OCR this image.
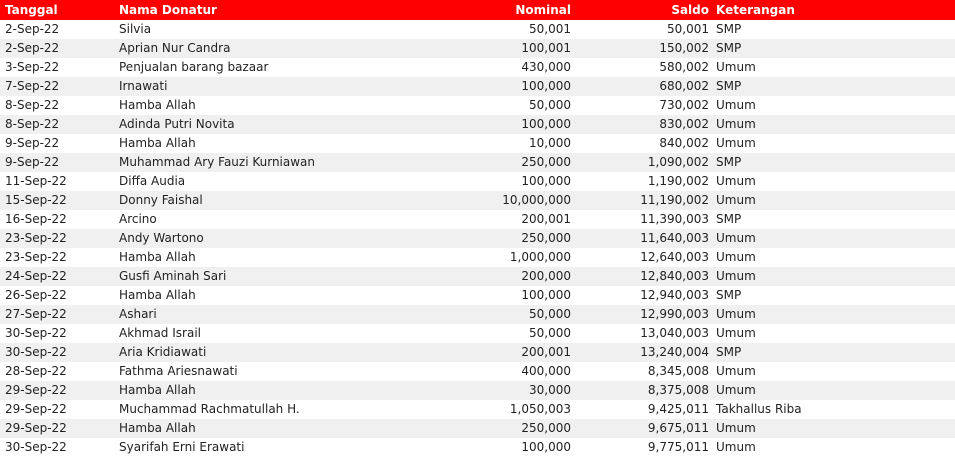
Tanggal	Nama Donatur	Nominal	Saldo	Keterangan
2-Sep-22	Silvia	50,001	50,001	SMP
2-Sep-22	Aprian Nur Candra	100,001	150,002	SMP
3-Sep-22	Penjualan barang bazaar	430,000	580,002	Umum
7-Sep-22	Irnawati	100,000	680,002	SMP
8-Sep-22	Hamba Allah	50,000	730,002	Umum
8-Sep-22	Adinda Putri Novita	100,000	830,002	Umum
9-Sep-22	Hamba Allah	10,000	840,002	Umum
9-Sep-22	Muhammad Ary Fauzi Kurniawan	250,000	1,090,002	SMP
11-Sep-22	Diffa Audia	100,000	1,190,002	Umum
15-Sep-22	Donny Faishal	10,000,000	11,190,002	Umum
16-Sep-22	Arcino	200,001	11,390,003	SMP
23-Sep-22	Andy Wartono	250,000	11,640,003	Umum
23-Sep-22	Hamba Allah	1,000,000	12,640,003	Umum
24-Sep-22	Gusfi Aminah Sari	200,000	12,840,003	Umum
26-Sep-22	Hamba Allah	100,000	12,940,003	SMP
27-Sep-22	Ashari	50,000	12,990,003	Umum
30-Sep-22	Akhmad Israil	50,000	13,040,003	Umum
30-Sep-22	Aria Kridiawati	200,001	13,240,004	SMP
28-Sep-22	Fathma Ariesnawati	400,000	8,345,008	Umum
29-Sep-22	Hamba Allah	30,000	8,375,008	Umum
29-Sep-22	Muchammad Rachmatullah H.	1,050,003	9,425,011	Takhallus Riba
29-Sep-22	Hamba Allah	250,000	9,675,011	Umum
30-Sep-22	Syarifah Erni Erawati	100,000	9,775,011	Umum
